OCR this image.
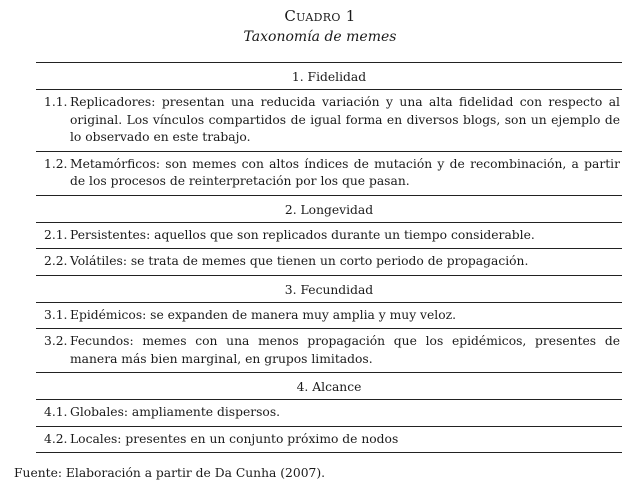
Cuadro 1
Taxonomía de memes
1. Fidelidad
1.1. Replicadores: presentan una reducida variación y una alta fidelidad con respecto al original. Los vínculos compartidos de igual forma en diversos blogs, son un ejemplo de lo observado en este trabajo.
1.2. Metamórficos: son memes con altos índices de mutación y de recombinación, a partir de los procesos de reinterpretación por los que pasan.
2. Longevidad
2.1. Persistentes: aquellos que son replicados durante un tiempo considerable.
2.2. Volátiles: se trata de memes que tienen un corto periodo de propagación.
3. Fecundidad
3.1. Epidémicos: se expanden de manera muy amplia y muy veloz.
3.2. Fecundos: memes con una menos propagación que los epidémicos, presentes de manera más bien marginal, en grupos limitados.
4. Alcance
4.1. Globales: ampliamente dispersos.
4.2. Locales: presentes en un conjunto próximo de nodos
Fuente: Elaboración a partir de Da Cunha (2007).
